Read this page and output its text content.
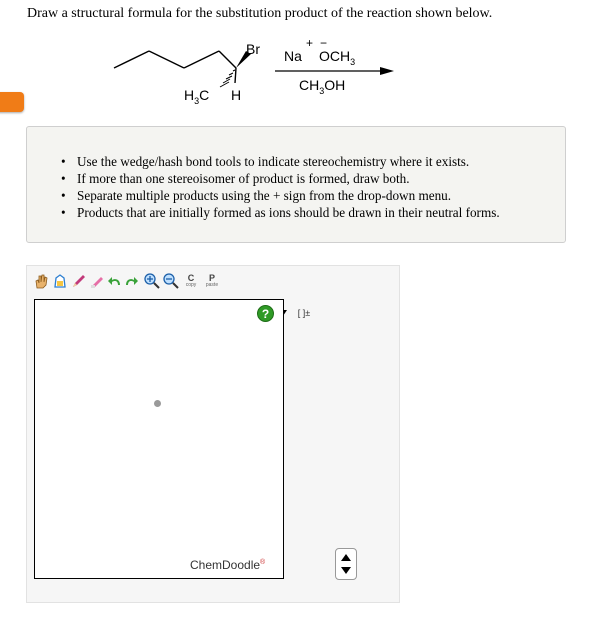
Draw a structural formula for the substitution product of the reaction shown below.
Br
H
$H_3C$
Na
+ −
$OCH_3$
$CH_3OH$
• Use the wedge/hash bond tools to indicate stereochemistry where it exists.
• If more than one stereoisomer of product is formed, draw both.
• Separate multiple products using the + sign from the drop-down menu.
• Products that are initially formed as ions should be drawn in their neutral forms.
C
copy
P
paste
[ ]±
?
ChemDoodle®
